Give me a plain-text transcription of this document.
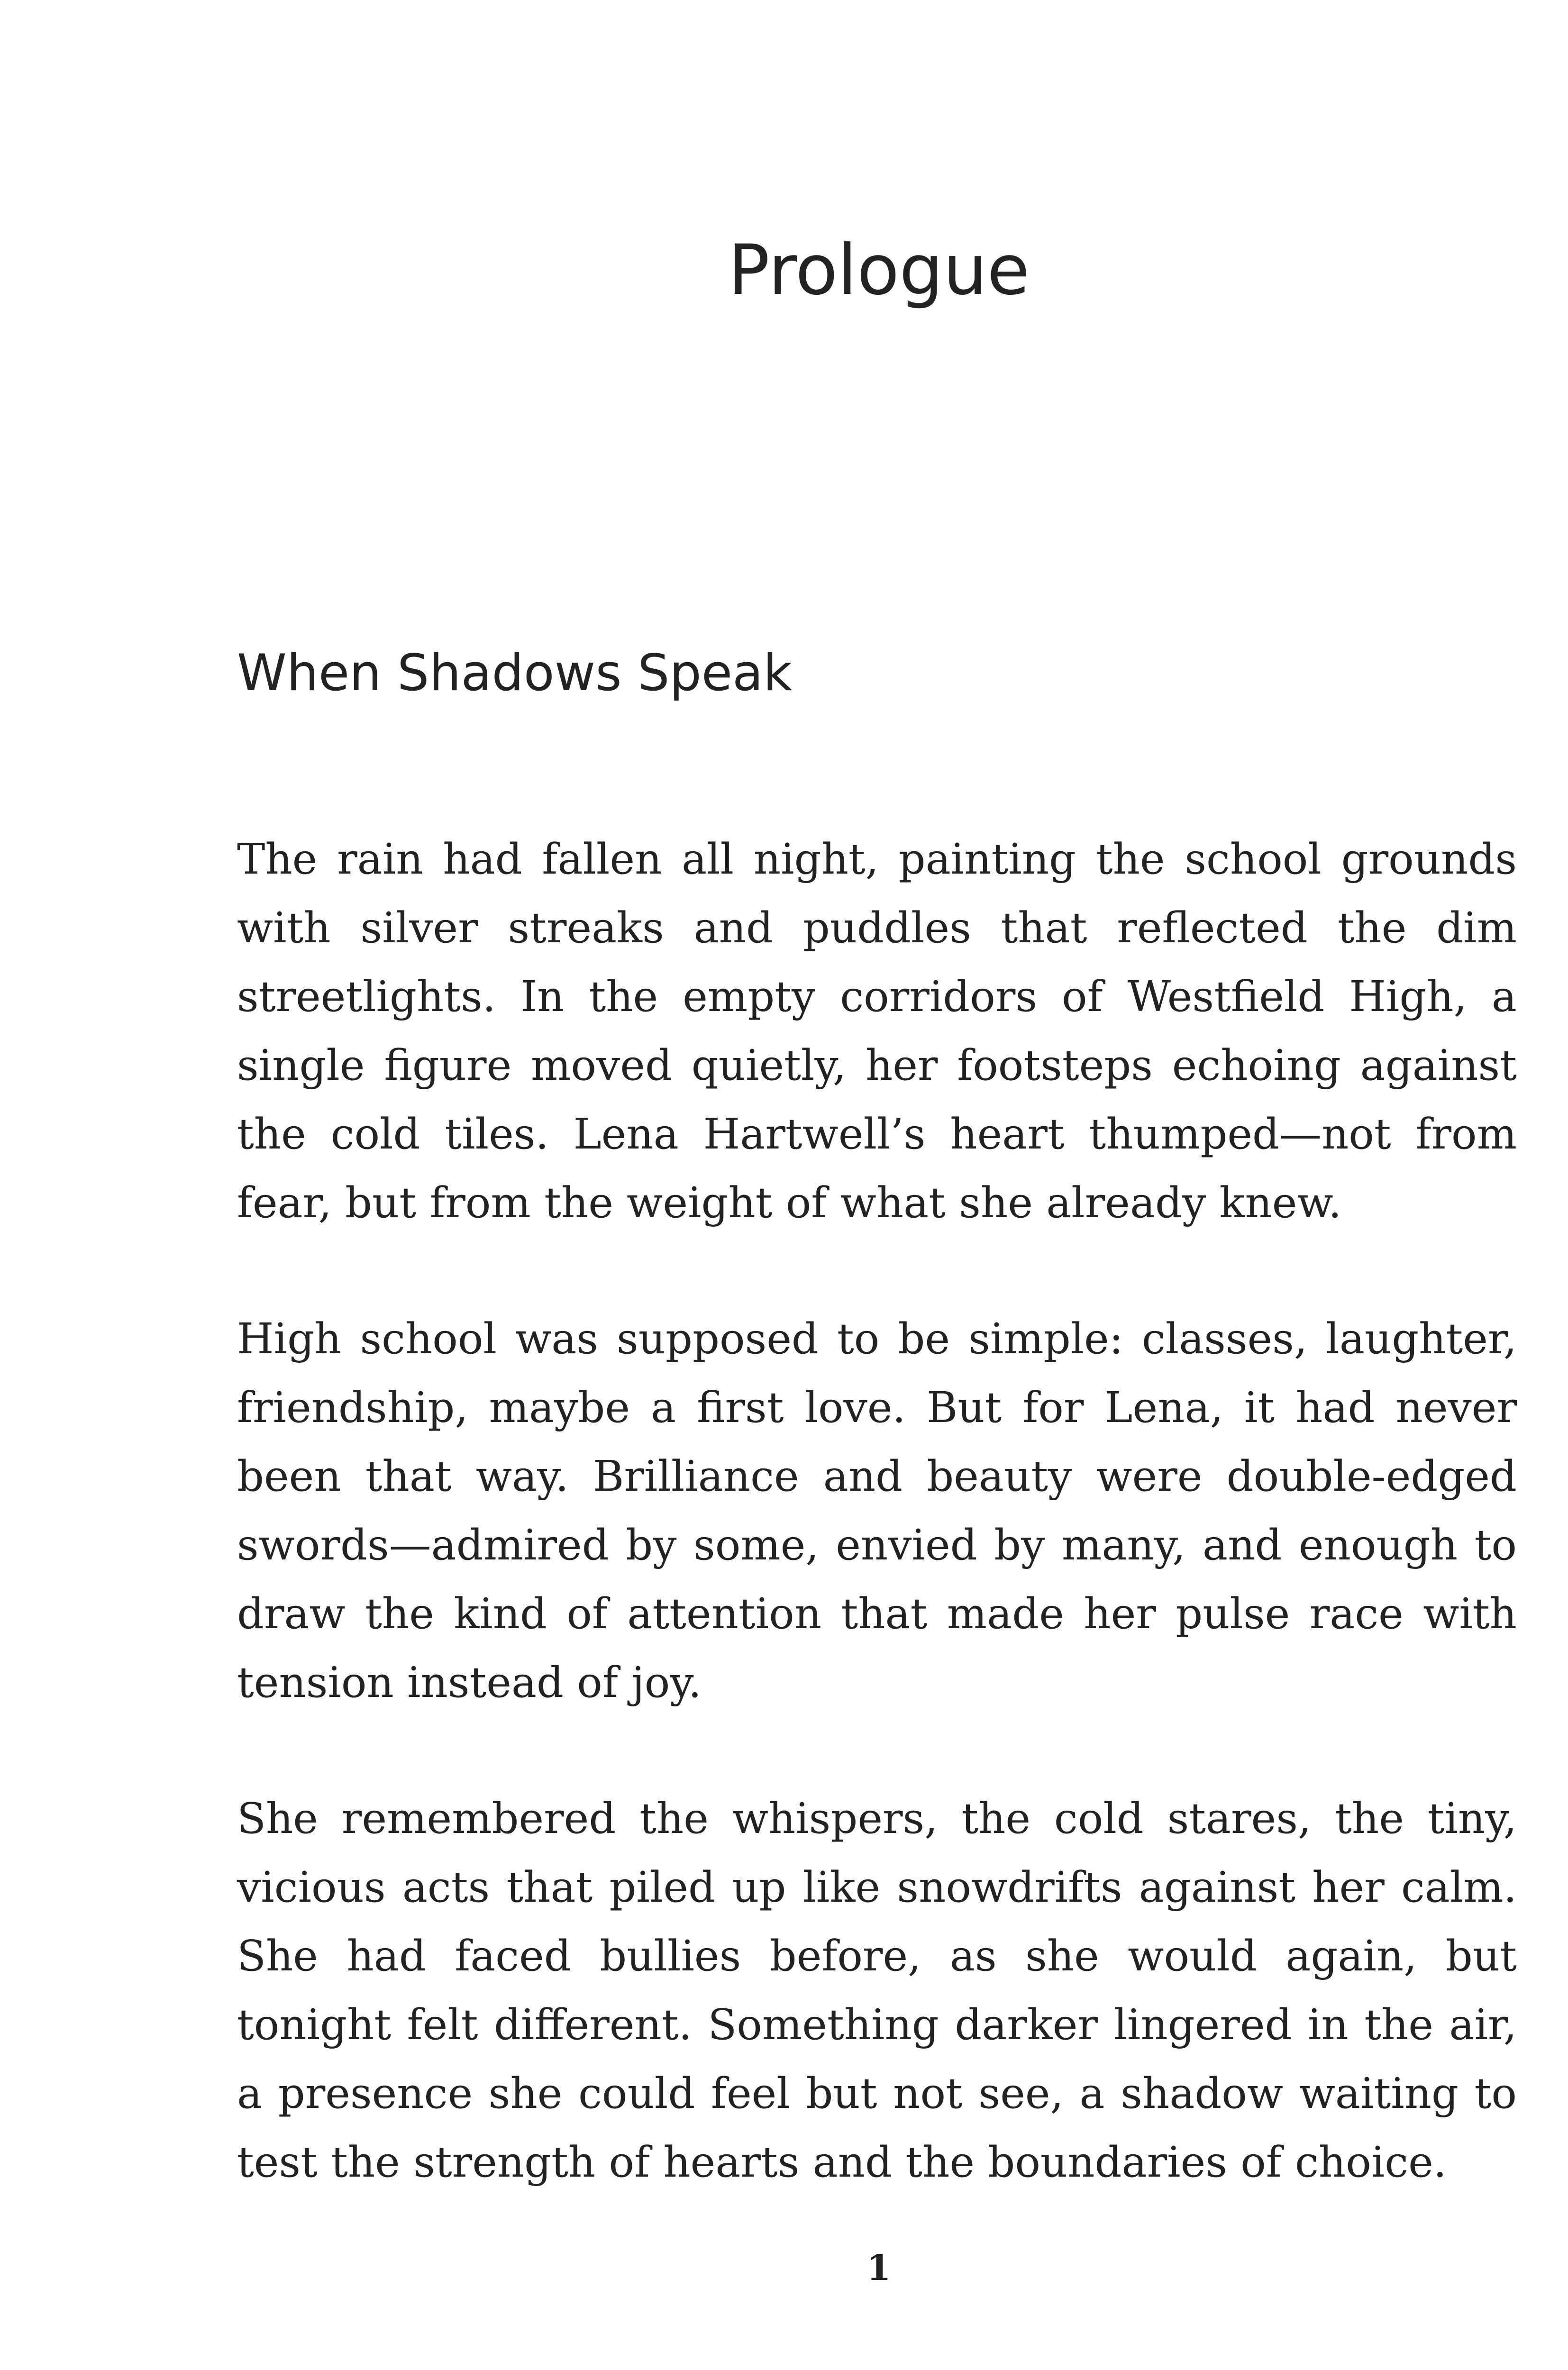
Prologue
When Shadows Speak

The rain had fallen all night, painting the school grounds with silver streaks and puddles that reflected the dim streetlights. In the empty corridors of Westfield High, a single figure moved quietly, her footsteps echoing against the cold tiles. Lena Hartwell’s heart thumped—not from fear, but from the weight of what she already knew.

High school was supposed to be simple: classes, laughter, friendship, maybe a first love. But for Lena, it had never been that way. Brilliance and beauty were double-edged swords—admired by some, envied by many, and enough to draw the kind of attention that made her pulse race with tension instead of joy.

She remembered the whispers, the cold stares, the tiny, vicious acts that piled up like snowdrifts against her calm. She had faced bullies before, as she would again, but tonight felt different. Something darker lingered in the air, a presence she could feel but not see, a shadow waiting to test the strength of hearts and the boundaries of choice.

1
